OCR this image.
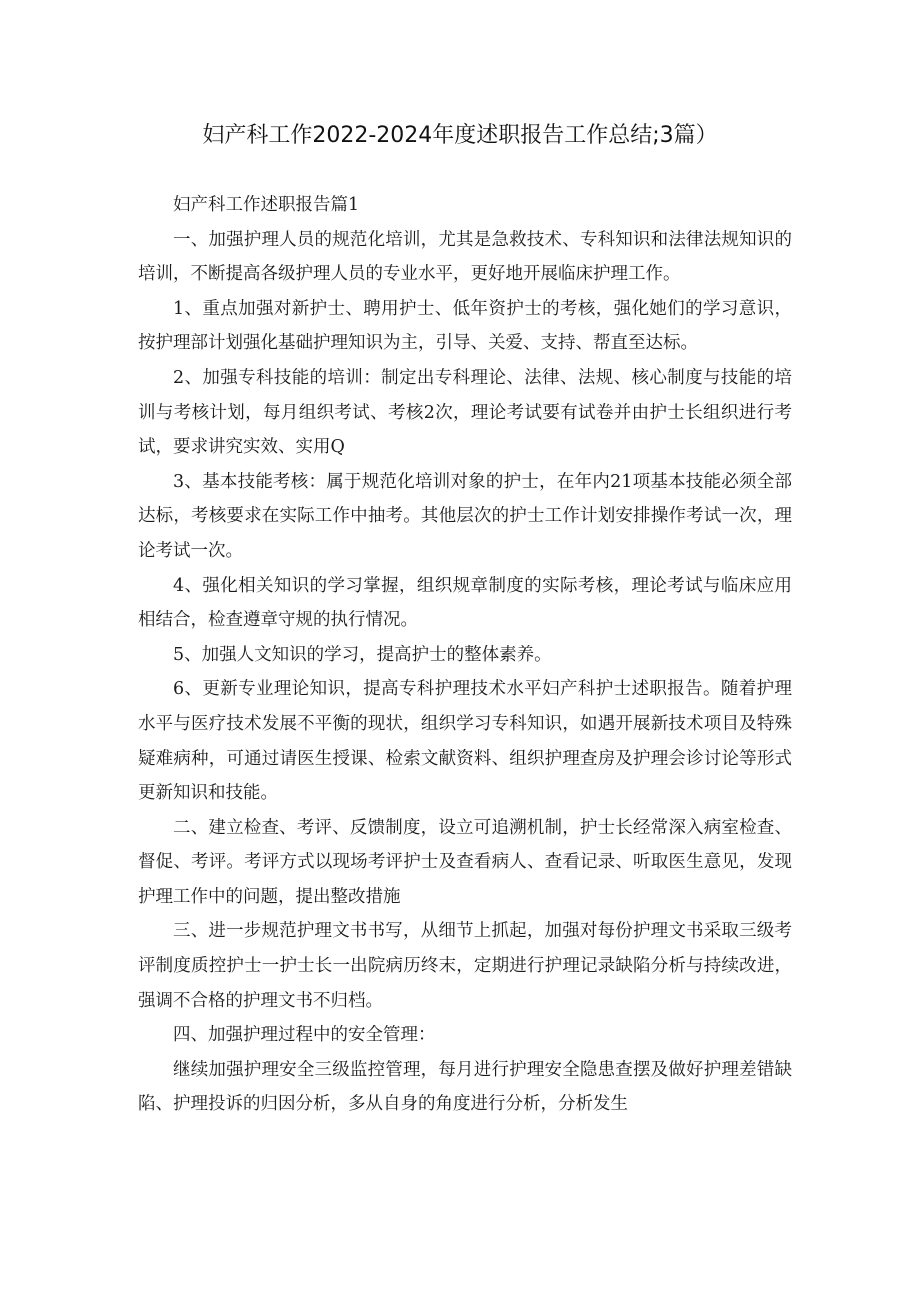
妇产科工作2022-2024年度述职报告工作总结;3篇）

妇产科工作述职报告篇1

一、加强护理人员的规范化培训，尤其是急救技术、专科知识和法律法规知识的培训，不断提高各级护理人员的专业水平，更好地开展临床护理工作。

1、重点加强对新护士、聘用护士、低年资护士的考核，强化她们的学习意识，按护理部计划强化基础护理知识为主，引导、关爱、支持、帮直至达标。

2、加强专科技能的培训：制定出专科理论、法律、法规、核心制度与技能的培训与考核计划，每月组织考试、考核2次，理论考试要有试卷并由护士长组织进行考试，要求讲究实效、实用Q

3、基本技能考核：属于规范化培训对象的护士，在年内21项基本技能必须全部达标，考核要求在实际工作中抽考。其他层次的护士工作计划安排操作考试一次，理论考试一次。

4、强化相关知识的学习掌握，组织规章制度的实际考核，理论考试与临床应用相结合，检查遵章守规的执行情况。

5、加强人文知识的学习，提高护士的整体素养。

6、更新专业理论知识，提高专科护理技术水平妇产科护士述职报告。随着护理水平与医疗技术发展不平衡的现状，组织学习专科知识，如遇开展新技术项目及特殊疑难病种，可通过请医生授课、检索文献资料、组织护理查房及护理会诊讨论等形式更新知识和技能。

二、建立检查、考评、反馈制度，设立可追溯机制，护士长经常深入病室检查、督促、考评。考评方式以现场考评护士及查看病人、查看记录、听取医生意见，发现护理工作中的问题，提出整改措施

三、进一步规范护理文书书写，从细节上抓起，加强对每份护理文书采取三级考评制度质控护士一护士长一出院病历终末，定期进行护理记录缺陷分析与持续改进，强调不合格的护理文书不归档。

四、加强护理过程中的安全管理：

继续加强护理安全三级监控管理，每月进行护理安全隐患查摆及做好护理差错缺陷、护理投诉的归因分析，多从自身的角度进行分析，分析发生
